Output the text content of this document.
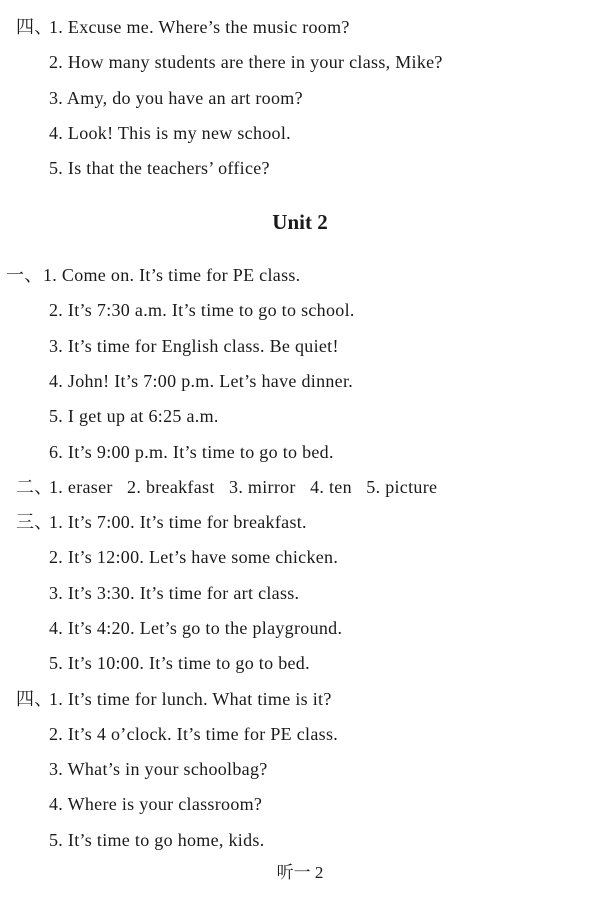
四、
1. Excuse me. Where’s the music room?
2. How many students are there in your class, Mike?
3. Amy, do you have an art room?
4. Look! This is my new school.
5. Is that the teachers’ office?
Unit 2
一、 1. Come on. It’s time for PE class.
2. It’s 7:30 a.m. It’s time to go to school.
3. It’s time for English class. Be quiet!
4. John! It’s 7:00 p.m. Let’s have dinner.
5. I get up at 6:25 a.m.
6. It’s 9:00 p.m. It’s time to go to bed.
二、
1. eraser   2. breakfast   3. mirror   4. ten   5. picture
三、
1. It’s 7:00. It’s time for breakfast.
2. It’s 12:00. Let’s have some chicken.
3. It’s 3:30. It’s time for art class.
4. It’s 4:20. Let’s go to the playground.
5. It’s 10:00. It’s time to go to bed.
四、
1. It’s time for lunch. What time is it?
2. It’s 4 o’clock. It’s time for PE class.
3. What’s in your schoolbag?
4. Where is your classroom?
5. It’s time to go home, kids.
听一 2
